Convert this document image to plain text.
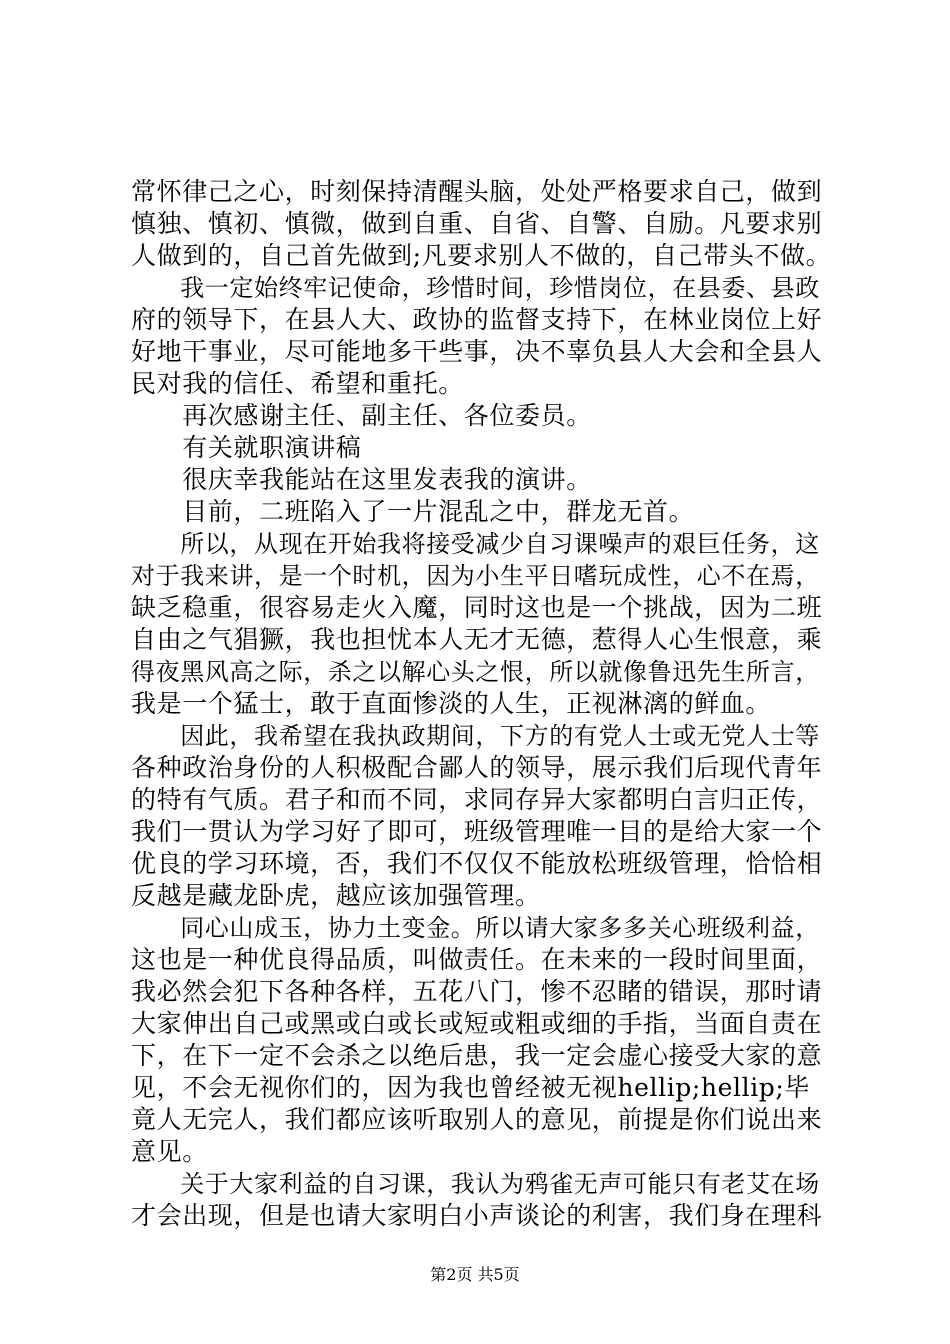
常怀律己之心，时刻保持清醒头脑，处处严格要求自己，做到
慎独、慎初、慎微，做到自重、自省、自警、自励。凡要求别
人做到的，自己首先做到;凡要求别人不做的，自己带头不做。
　　我一定始终牢记使命，珍惜时间，珍惜岗位，在县委、县政
府的领导下，在县人大、政协的监督支持下，在林业岗位上好
好地干事业，尽可能地多干些事，决不辜负县人大会和全县人
民对我的信任、希望和重托。
　　再次感谢主任、副主任、各位委员。
　　有关就职演讲稿
　　很庆幸我能站在这里发表我的演讲。
　　目前，二班陷入了一片混乱之中，群龙无首。
　　所以，从现在开始我将接受减少自习课噪声的艰巨任务，这
对于我来讲，是一个时机，因为小生平日嗜玩成性，心不在焉，
缺乏稳重，很容易走火入魔，同时这也是一个挑战，因为二班
自由之气猖獗，我也担忧本人无才无德，惹得人心生恨意，乘
得夜黑风高之际，杀之以解心头之恨，所以就像鲁迅先生所言，
我是一个猛士，敢于直面惨淡的人生，正视淋漓的鲜血。
　　因此，我希望在我执政期间，下方的有党人士或无党人士等
各种政治身份的人积极配合鄙人的领导，展示我们后现代青年
的特有气质。君子和而不同，求同存异大家都明白言归正传，
我们一贯认为学习好了即可，班级管理唯一目的是给大家一个
优良的学习环境，否，我们不仅仅不能放松班级管理，恰恰相
反越是藏龙卧虎，越应该加强管理。
　　同心山成玉，协力土变金。所以请大家多多关心班级利益，
这也是一种优良得品质，叫做责任。在未来的一段时间里面，
我必然会犯下各种各样，五花八门，惨不忍睹的错误，那时请
大家伸出自己或黑或白或长或短或粗或细的手指，当面自责在
下，在下一定不会杀之以绝后患，我一定会虚心接受大家的意
见，不会无视你们的，因为我也曾经被无视hellip;hellip;毕
竟人无完人，我们都应该听取别人的意见，前提是你们说出来
意见。
　　关于大家利益的自习课，我认为鸦雀无声可能只有老艾在场
才会出现，但是也请大家明白小声谈论的利害，我们身在理科
第2页 共5页
